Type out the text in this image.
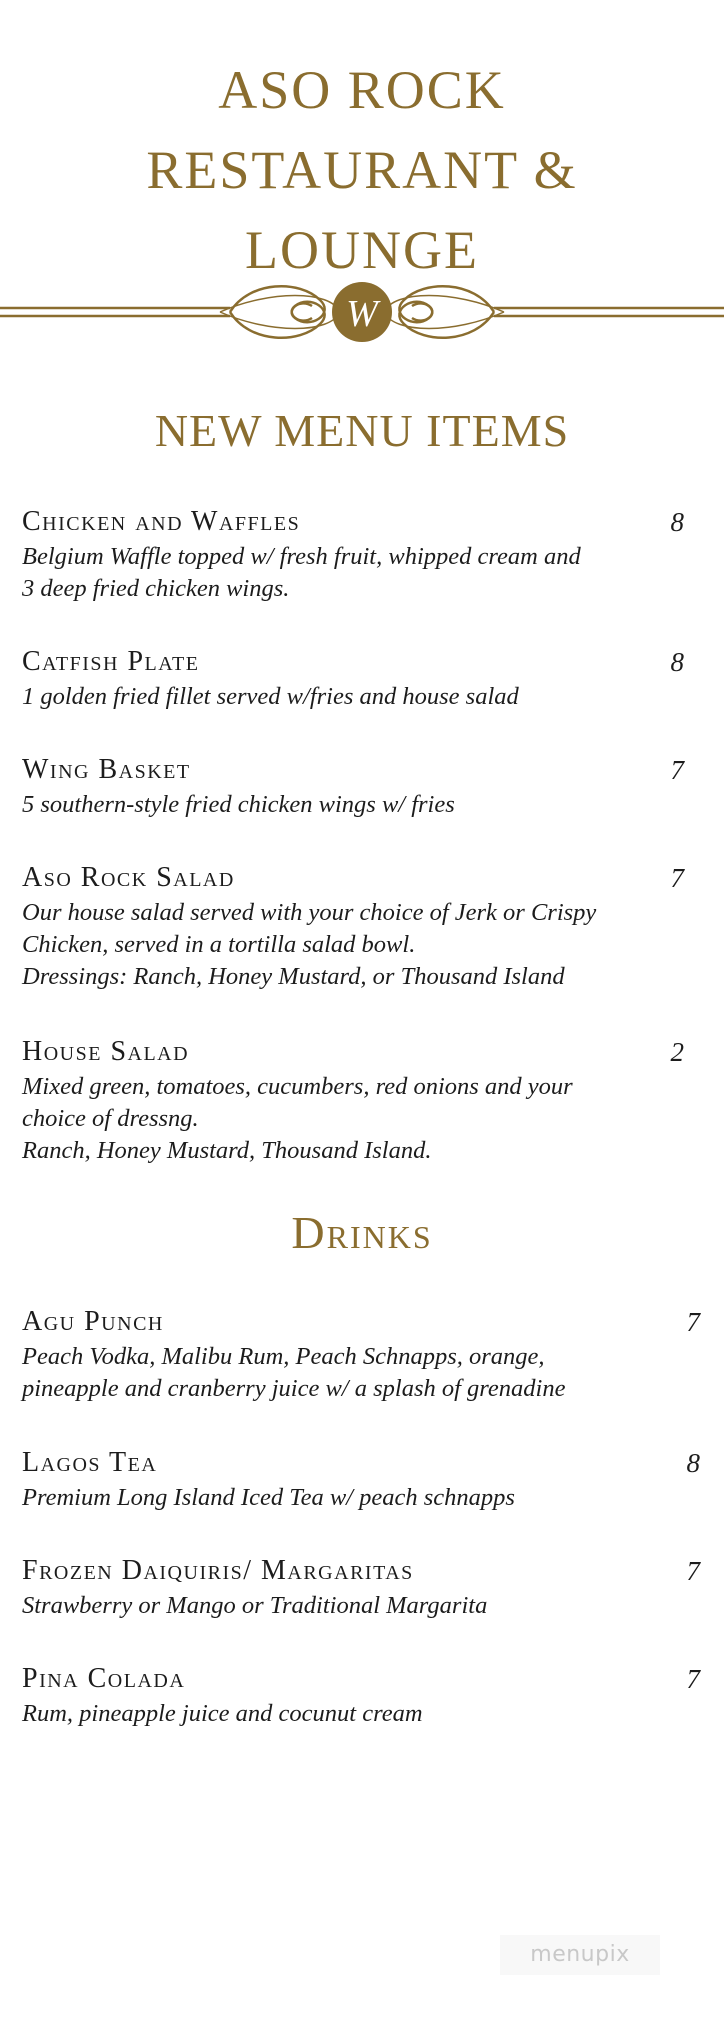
ASO ROCK
RESTAURANT &
LOUNGE
W
NEW MENU ITEMS
Chicken and Waffles	8
Belgium Waffle topped w/ fresh fruit, whipped cream and
3 deep fried chicken wings.
Catfish Plate	8
1 golden fried fillet served w/fries and house salad
Wing Basket	7
5 southern-style fried chicken wings w/ fries
Aso Rock Salad	7
Our house salad served with your choice of Jerk or Crispy
Chicken, served in a tortilla salad bowl.
Dressings: Ranch, Honey Mustard, or Thousand Island
House Salad	2
Mixed green, tomatoes, cucumbers, red onions and your
choice of dressng.
Ranch, Honey Mustard, Thousand Island.
Drinks
Agu Punch	7
Peach Vodka, Malibu Rum, Peach Schnapps, orange,
pineapple and cranberry juice w/ a splash of grenadine
Lagos Tea	8
Premium Long Island Iced Tea w/ peach schnapps
Frozen Daiquiris/ Margaritas	7
Strawberry or Mango or Traditional Margarita
Pina Colada	7
Rum, pineapple juice and cocunut cream
menupix
